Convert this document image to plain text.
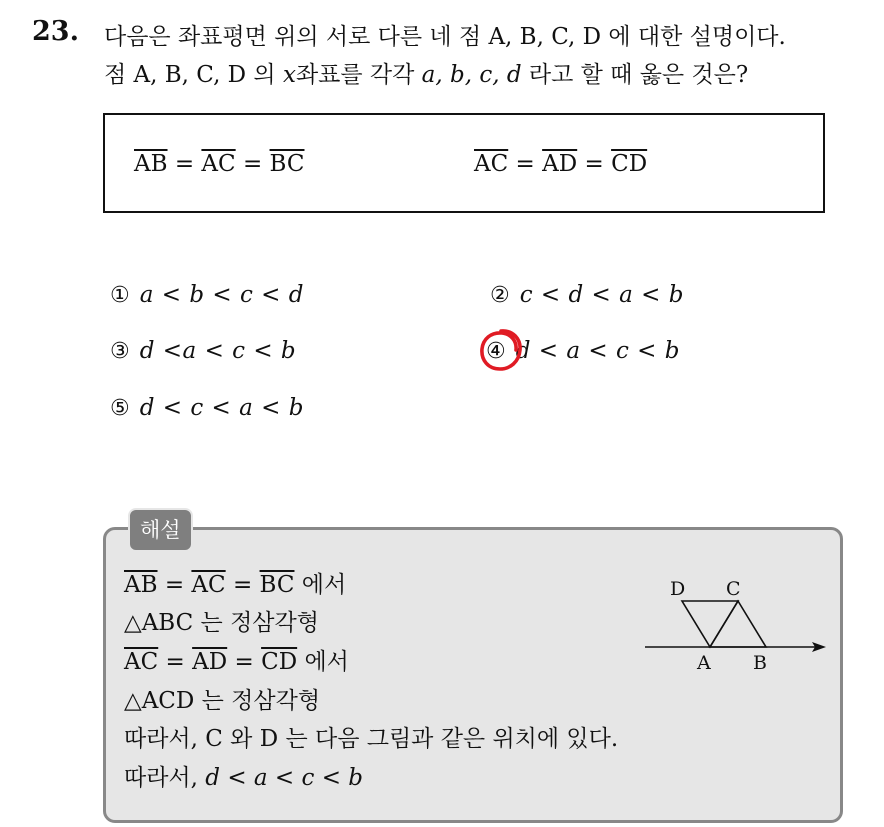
23. 다음은 좌표평면 위의 서로 다른 네 점 A, B, C, D 에 대한 설명이다.
점 A, B, C, D 의 x좌표를 각각 a, b, c, d 라고 할 때 옳은 것은?
$\overline{AB} = \overline{AC} = \overline{BC}$	$\overline{AC} = \overline{AD} = \overline{CD}$
① a < b < c < d	② c < d < a < b
③ d <a < c < b	④ d < a < c < b
⑤ d < c < a < b
해설
$\overline{AB} = \overline{AC} = \overline{BC}$ 에서
△ABC 는 정삼각형
$\overline{AC} = \overline{AD} = \overline{CD}$ 에서
△ACD 는 정삼각형
따라서, C 와 D 는 다음 그림과 같은 위치에 있다.
따라서, d < a < c < b
D C
A B
